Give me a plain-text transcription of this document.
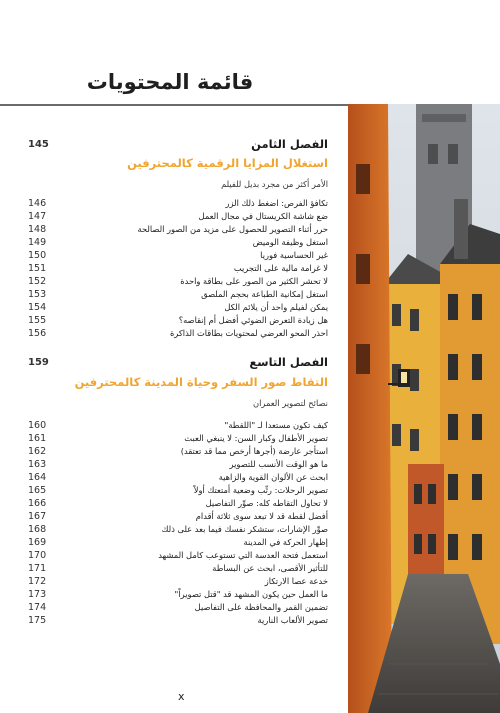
قائمة المحتويات
145	الفصل الثامن
استغلال المزايا الرقمية كالمحترفين
الأمر أكثر من مجرد بديل للفيلم
146	تكافؤ الفرص: اضغط ذلك الزر
147	ضع شاشة الكريستال في مجال العمل
148	حرر أثناء التصوير للحصول على مزيد من الصور الصالحة
149	استغل وظيفة الوميض
150	غير الحساسية فوريا
151	لا غرامة مالية على التجريب
152	لا تحشر الكثير من الصور على بطاقة واحدة
153	استغل إمكانية الطباعة بحجم الملصق
154	يمكن لفيلم واحد أن يلائم الكل
155	هل زيادة التعرض الضوئي أفضل أم إنقاصه؟
156	احذر المحو العرضي لمحتويات بطاقات الذاكرة
159	الفصل التاسع
التقاط صور السفر وحياة المدينة كالمحترفين
نصائح لتصوير العمران
160	كيف تكون مستعدا لـ "اللقطة"
161	تصوير الأطفال وكبار السن: لا ينبغي العبث
162	استأجر عارضة (أجرها أرخص مما قد تعتقد)
163	ما هو الوقت الأنسب للتصوير
164	ابحث عن الألوان القوية والزاهية
165	تصوير الرحلات: رتِّب وضعية أمتعتك أولاً
166	لا تحاول التقاطه كله: صوِّر التفاصيل
167	أفضل لقطة قد لا تبعد سوى ثلاثة أقدام
168	صوِّر الإشارات، ستشكر نفسك فيما بعد على ذلك
169	إظهار الحركة في المدينة
170	استعمل فتحة العدسة التي تستوعب كامل المشهد
171	للتأثير الأقصى، ابحث عن البساطة
172	خدعة عصا الارتكاز
173	ما العمل حين يكون المشهد قد "قتل تصويراً"
174	تضمين القمر والمحافظة على التفاصيل
175	تصوير الألعاب النارية
x
